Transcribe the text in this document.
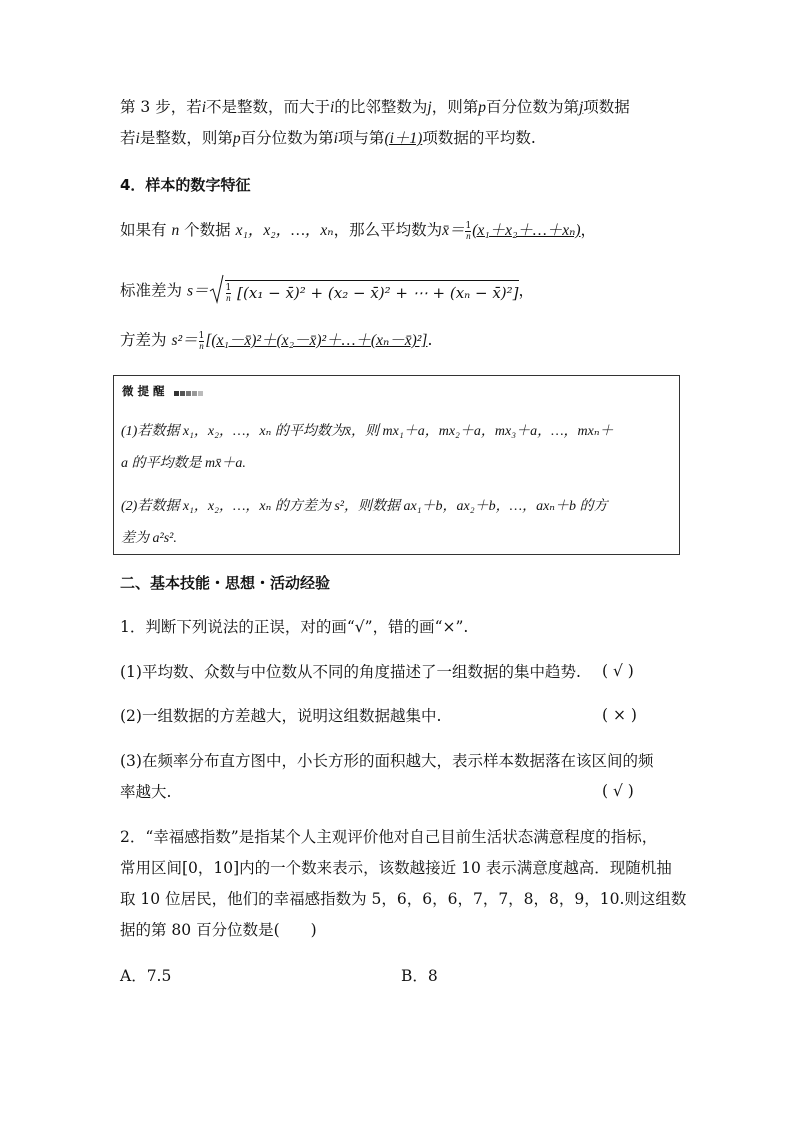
第 3 步，若i不是整数，而大于i的比邻整数为j，则第p百分位数为第j项数据
若i是整数，则第p百分位数为第i项与第(i＋1)项数据的平均数.
4．样本的数字特征
如果有 n 个数据 x₁，x₂，…，xₙ，那么平均数为x̄＝ $\frac{1}{n}$ (x₁＋x₂＋…＋xₙ)，
标准差为 $s= \frac{1}{n} [(x_1$ − x̄)² + (x₂ − x̄)² + ⋯ + (xₙ − x̄)²]，
方差为 $s^2= \frac{1}{n}$ [(x₁－x̄)²＋(x₂－x̄)²＋…＋(xₙ－x̄)²].
微 提 醒
(1)若数据 x₁，x₂，…，xₙ 的平均数为x̄，则 mx₁＋a，mx₂＋a，mx₃＋a，…，mxₙ＋
a 的平均数是 mx̄＋a.
(2)若数据 x₁，x₂，…，xₙ 的方差为 s²，则数据 ax₁＋b，ax₂＋b，…，axₙ＋b 的方
差为 a²s².
二、基本技能・思想・活动经验
1．判断下列说法的正误，对的画“√”，错的画“×”.
(1)平均数、众数与中位数从不同的角度描述了一组数据的集中趋势. ( √ )
(2)一组数据的方差越大，说明这组数据越集中.	( × )
(3)在频率分布直方图中，小长方形的面积越大，表示样本数据落在该区间的频
率越大.	( √ )
2．“幸福感指数”是指某个人主观评价他对自己目前生活状态满意程度的指标，
常用区间[0，10]内的一个数来表示，该数越接近 10 表示满意度越高．现随机抽
取 10 位居民，他们的幸福感指数为 5，6，6，6，7，7，8，8，9，10.则这组数
据的第 80 百分位数是(　　)
A．7.5	B．8
